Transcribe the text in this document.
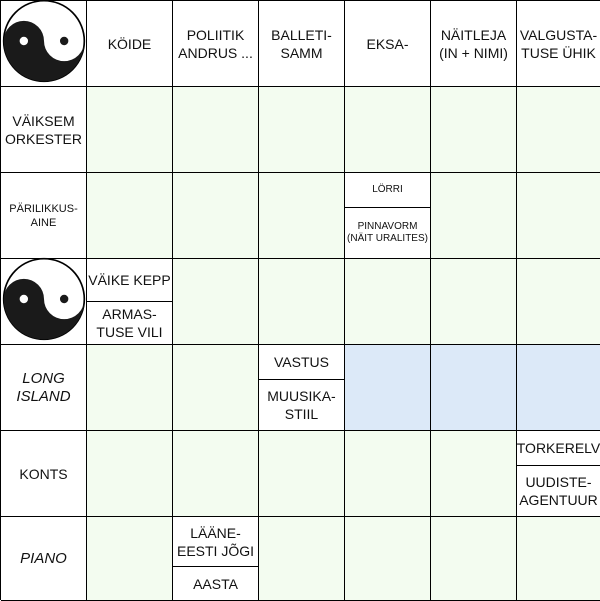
KÖIDE
POLIITIK ANDRUS ...
BALLETI-SAMM
EKSA-
NÄITLEJA (IN + NIMI)
VALGUSTA-TUSE ÜHIK
VÄIKSEM ORKESTER
PÄRILIKKUS-AINE
LÖRRI
PINNAVORM (NÄIT URALITES)
VÄIKE KEPP
ARMAS-TUSE VILI
LONG ISLAND
VASTUS
MUUSIKA-STIIL
KONTS
TORKERELV
UUDISTE-AGENTUUR
PIANO
LÄÄNE-EESTI JÕGI
AASTA
